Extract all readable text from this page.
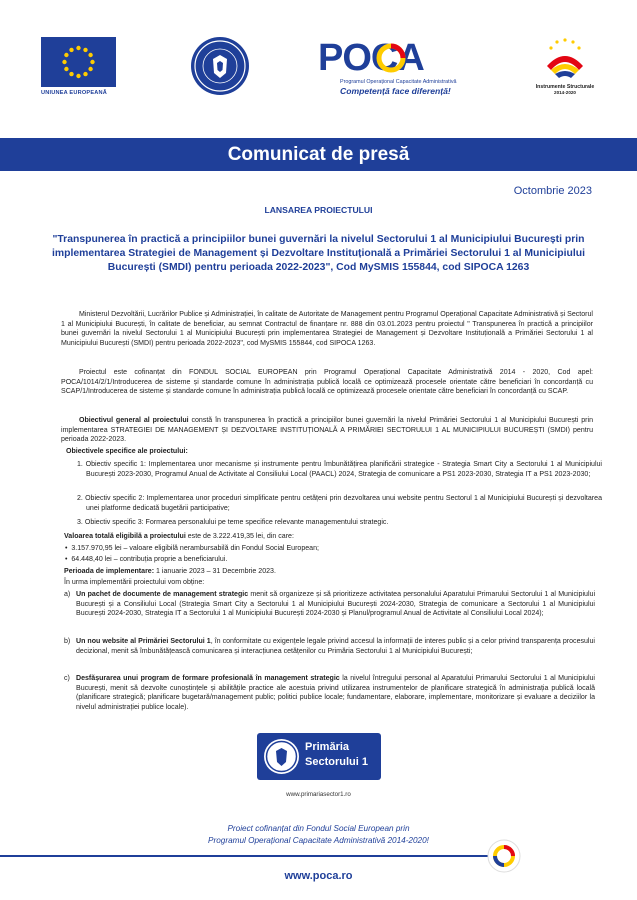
UNIUNEA EUROPEANĂ
POCA
Programul Operațional Capacitate Administrativă
Competență face diferență!	Instrumente Structurale
2014-2020
Comunicat de presă
Octombrie 2023
LANSAREA PROIECTULUI
"Transpunerea în practică a principiilor bunei guvernări la nivelul Sectorului 1 al Municipiului București prin implementarea Strategiei de Management și Dezvoltare Instituțională a Primăriei Sectorului 1 al Municipiului București (SMDI) pentru perioada 2022-2023", Cod MySMIS 155844, cod SIPOCA 1263
Ministerul Dezvoltării, Lucrărilor Publice și Administrației, în calitate de Autoritate de Management pentru Programul Operațional Capacitate Administrativă și Sectorul 1 al Municipiului București, în calitate de beneficiar, au semnat Contractul de finanțare nr. 888 din 03.01.2023 pentru proiectul " Transpunerea în practică a principiilor bunei guvernări la nivelul Sectorului 1 al Municipiului București prin implementarea Strategiei de Management și Dezvoltare Instituțională a Primăriei Sectorului 1 al Municipiului București (SMDI) pentru perioada 2022-2023", cod MySMIS 155844, cod SIPOCA 1263.
Proiectul este cofinanțat din FONDUL SOCIAL EUROPEAN prin Programul Operațional Capacitate Administrativă 2014 - 2020, Cod apel: POCA/1014/2/1/Introducerea de sisteme și standarde comune în administrația publică locală ce optimizează procesele orientate către beneficiari în concordanță cu SCAP/1/Introducerea de sisteme și standarde comune în administrația publică locală ce optimizează procesele orientate către beneficiari în concordanță cu SCAP.
Obiectivul general al proiectului constă în transpunerea în practică a principiilor bunei guvernări la nivelul Primăriei Sectorului 1 al Municipiului București prin implementarea STRATEGIEI DE MANAGEMENT ȘI DEZVOLTARE INSTITUȚIONALĂ A PRIMĂRIEI SECTORULUI 1 AL MUNICIPIULUI BUCUREȘTI (SMDI) pentru perioada 2022-2023.
Obiectivele specifice ale proiectului:
1. Obiectiv specific 1: Implementarea unor mecanisme și instrumente pentru îmbunătățirea planificării strategice - Strategia Smart City a Sectorului 1 al Municipiului București 2023-2030, Programul Anual de Activitate al Consiliului Local (PAACL) 2024, Strategia de comunicare a PS1 2023-2030, Strategia IT a PS1 2023-2030;
2. Obiectiv specific 2: Implementarea unor proceduri simplificate pentru cetățeni prin dezvoltarea unui website pentru Sectorul 1 al Municipiului București și dezvoltarea unei platforme dedicată bugetării participative;
3. Obiectiv specific 3: Formarea personalului pe teme specifice relevante managementului strategic.
Valoarea totală eligibilă a proiectului este de 3.222.419,35 lei, din care:
•  3.157.970,95 lei – valoare eligibilă nerambursabilă din Fondul Social European;
•  64.448,40 lei – contribuția proprie a beneficiarului.
Perioada de implementare: 1 ianuarie 2023 – 31 Decembrie 2023.
În urma implementării proiectului vom obține:
a) Un pachet de documente de management strategic menit să organizeze și să prioritizeze activitatea personalului Aparatului Primarului Sectorului 1 al Municipiului București și a Consiliului Local (Strategia Smart City a Sectorului 1 al Municipiului București 2024-2030, Strategia de comunicare a Sectorului 1 al Municipiului București 2024-2030, Strategia IT a Sectorului 1 al Municipiului București 2024-2030 și Planul/programul Anual de Activitate al Consiliului Local 2024);
b) Un nou website al Primăriei Sectorului 1, în conformitate cu exigențele legale privind accesul la informații de interes public și a celor privind transparența procesului decizional, menit să îmbunătățească comunicarea și interacțiunea cetățenilor cu Primăria Sectorului 1 al Municipiului București;
c) Desfășurarea unui program de formare profesională în management strategic la nivelul întregului personal al Aparatului Primarului Sectorului 1 al Municipiului București, menit să dezvolte cunoștințele și abilitățile practice ale acestuia privind utilizarea instrumentelor de planificare strategică în administrația publică locală (planificare strategică; planificare bugetară/management public; politici publice locale; fundamentare, elaborare, implementare, monitorizare și evaluare a deciziilor la nivelul administrației publice locale).
Primăria
Sectorului 1
www.primariasector1.ro
Proiect cofinanțat din Fondul Social European prin
Programul Operațional Capacitate Administrativă 2014-2020!
www.poca.ro
